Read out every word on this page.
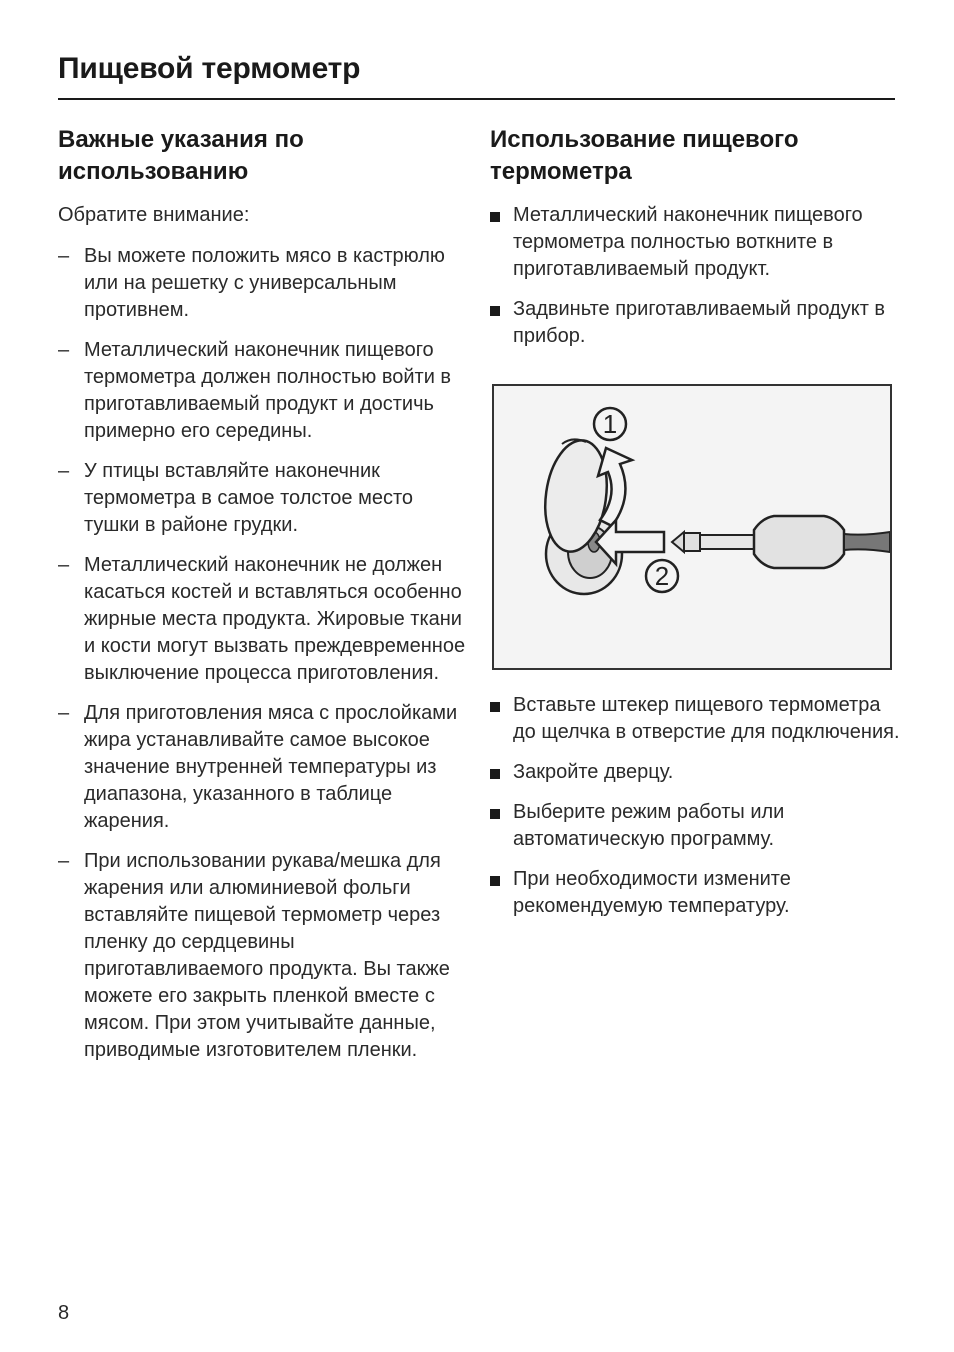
Пищевой термометр
Важные указания по использованию

Обратите внимание:

– Вы можете положить мясо в кастрюлю или на решетку с универсальным противнем.
– Металлический наконечник пищевого термометра должен полностью войти в приготавливаемый продукт и достичь примерно его середины.
– У птицы вставляйте наконечник термометра в самое толстое место тушки в районе грудки.
– Металлический наконечник не должен касаться костей и вставляться особенно жирные места продукта. Жировые ткани и кости могут вызвать преждевременное выключение процесса приготовления.
– Для приготовления мяса с прослойками жира устанавливайте самое высокое значение внутренней температуры из диапазона, указанного в таблице жарения.
– При использовании рукава/мешка для жарения или алюминиевой фольги вставляйте пищевой термометр через пленку до сердцевины приготавливаемого продукта. Вы также можете его закрыть пленкой вместе с мясом. При этом учитывайте данные, приводимые изготовителем пленки.
Использование пищевого термометра
Металлический наконечник пищевого термометра полностью воткните в приготавливаемый продукт.
Задвиньте приготавливаемый продукт в прибор.
1
2
Вставьте штекер пищевого термометра до щелчка в отверстие для подключения.
Закройте дверцу.
Выберите режим работы или автоматическую программу.
При необходимости измените рекомендуемую температуру.
8
